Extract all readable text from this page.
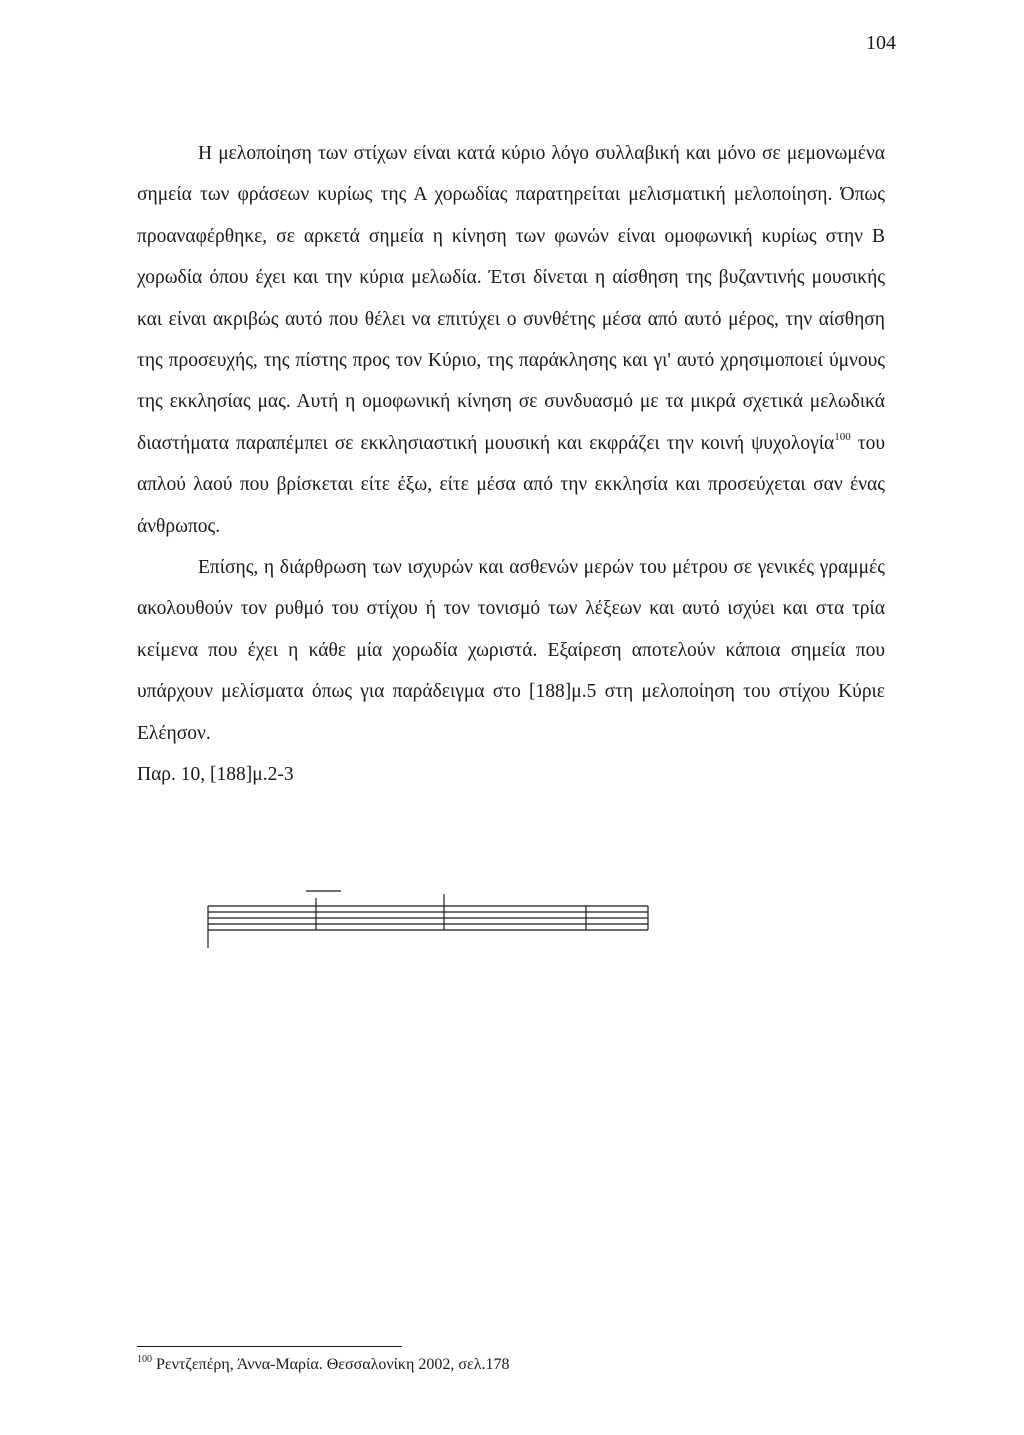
104

Η μελοποίηση των στίχων είναι κατά κύριο λόγο συλλαβική και μόνο σε μεμονωμένα σημεία των φράσεων κυρίως της Α χορωδίας παρατηρείται μελισματική μελοποίηση. Όπως προαναφέρθηκε, σε αρκετά σημεία η κίνηση των φωνών είναι ομοφωνική κυρίως στην Β χορωδία όπου έχει και την κύρια μελωδία. Έτσι δίνεται η αίσθηση της βυζαντινής μουσικής και είναι ακριβώς αυτό που θέλει να επιτύχει ο συνθέτης μέσα από αυτό μέρος, την αίσθηση της προσευχής, της πίστης προς τον Κύριο, της παράκλησης και γι' αυτό χρησιμοποιεί ύμνους της εκκλησίας μας. Αυτή η ομοφωνική κίνηση σε συνδυασμό με τα μικρά σχετικά μελωδικά διαστήματα παραπέμπει σε εκκλησιαστική μουσική και εκφράζει την κοινή ψυχολογία$^{100}$ του απλού λαού που βρίσκεται είτε έξω, είτε μέσα από την εκκλησία και προσεύχεται σαν ένας άνθρωπος.

Επίσης, η διάρθρωση των ισχυρών και ασθενών μερών του μέτρου σε γενικές γραμμές ακολουθούν τον ρυθμό του στίχου ή τον τονισμό των λέξεων και αυτό ισχύει και στα τρία κείμενα που έχει η κάθε μία χορωδία χωριστά. Εξαίρεση αποτελούν κάποια σημεία που υπάρχουν μελίσματα όπως για παράδειγμα στο [188]μ.5 στη μελοποίηση του στίχου Κύριε Ελέησον.

Παρ. 10, [188]μ.2-3

$^{100}$ Ρεντζεπέρη, Άννα-Μαρία. Θεσσαλονίκη 2002, σελ.178
